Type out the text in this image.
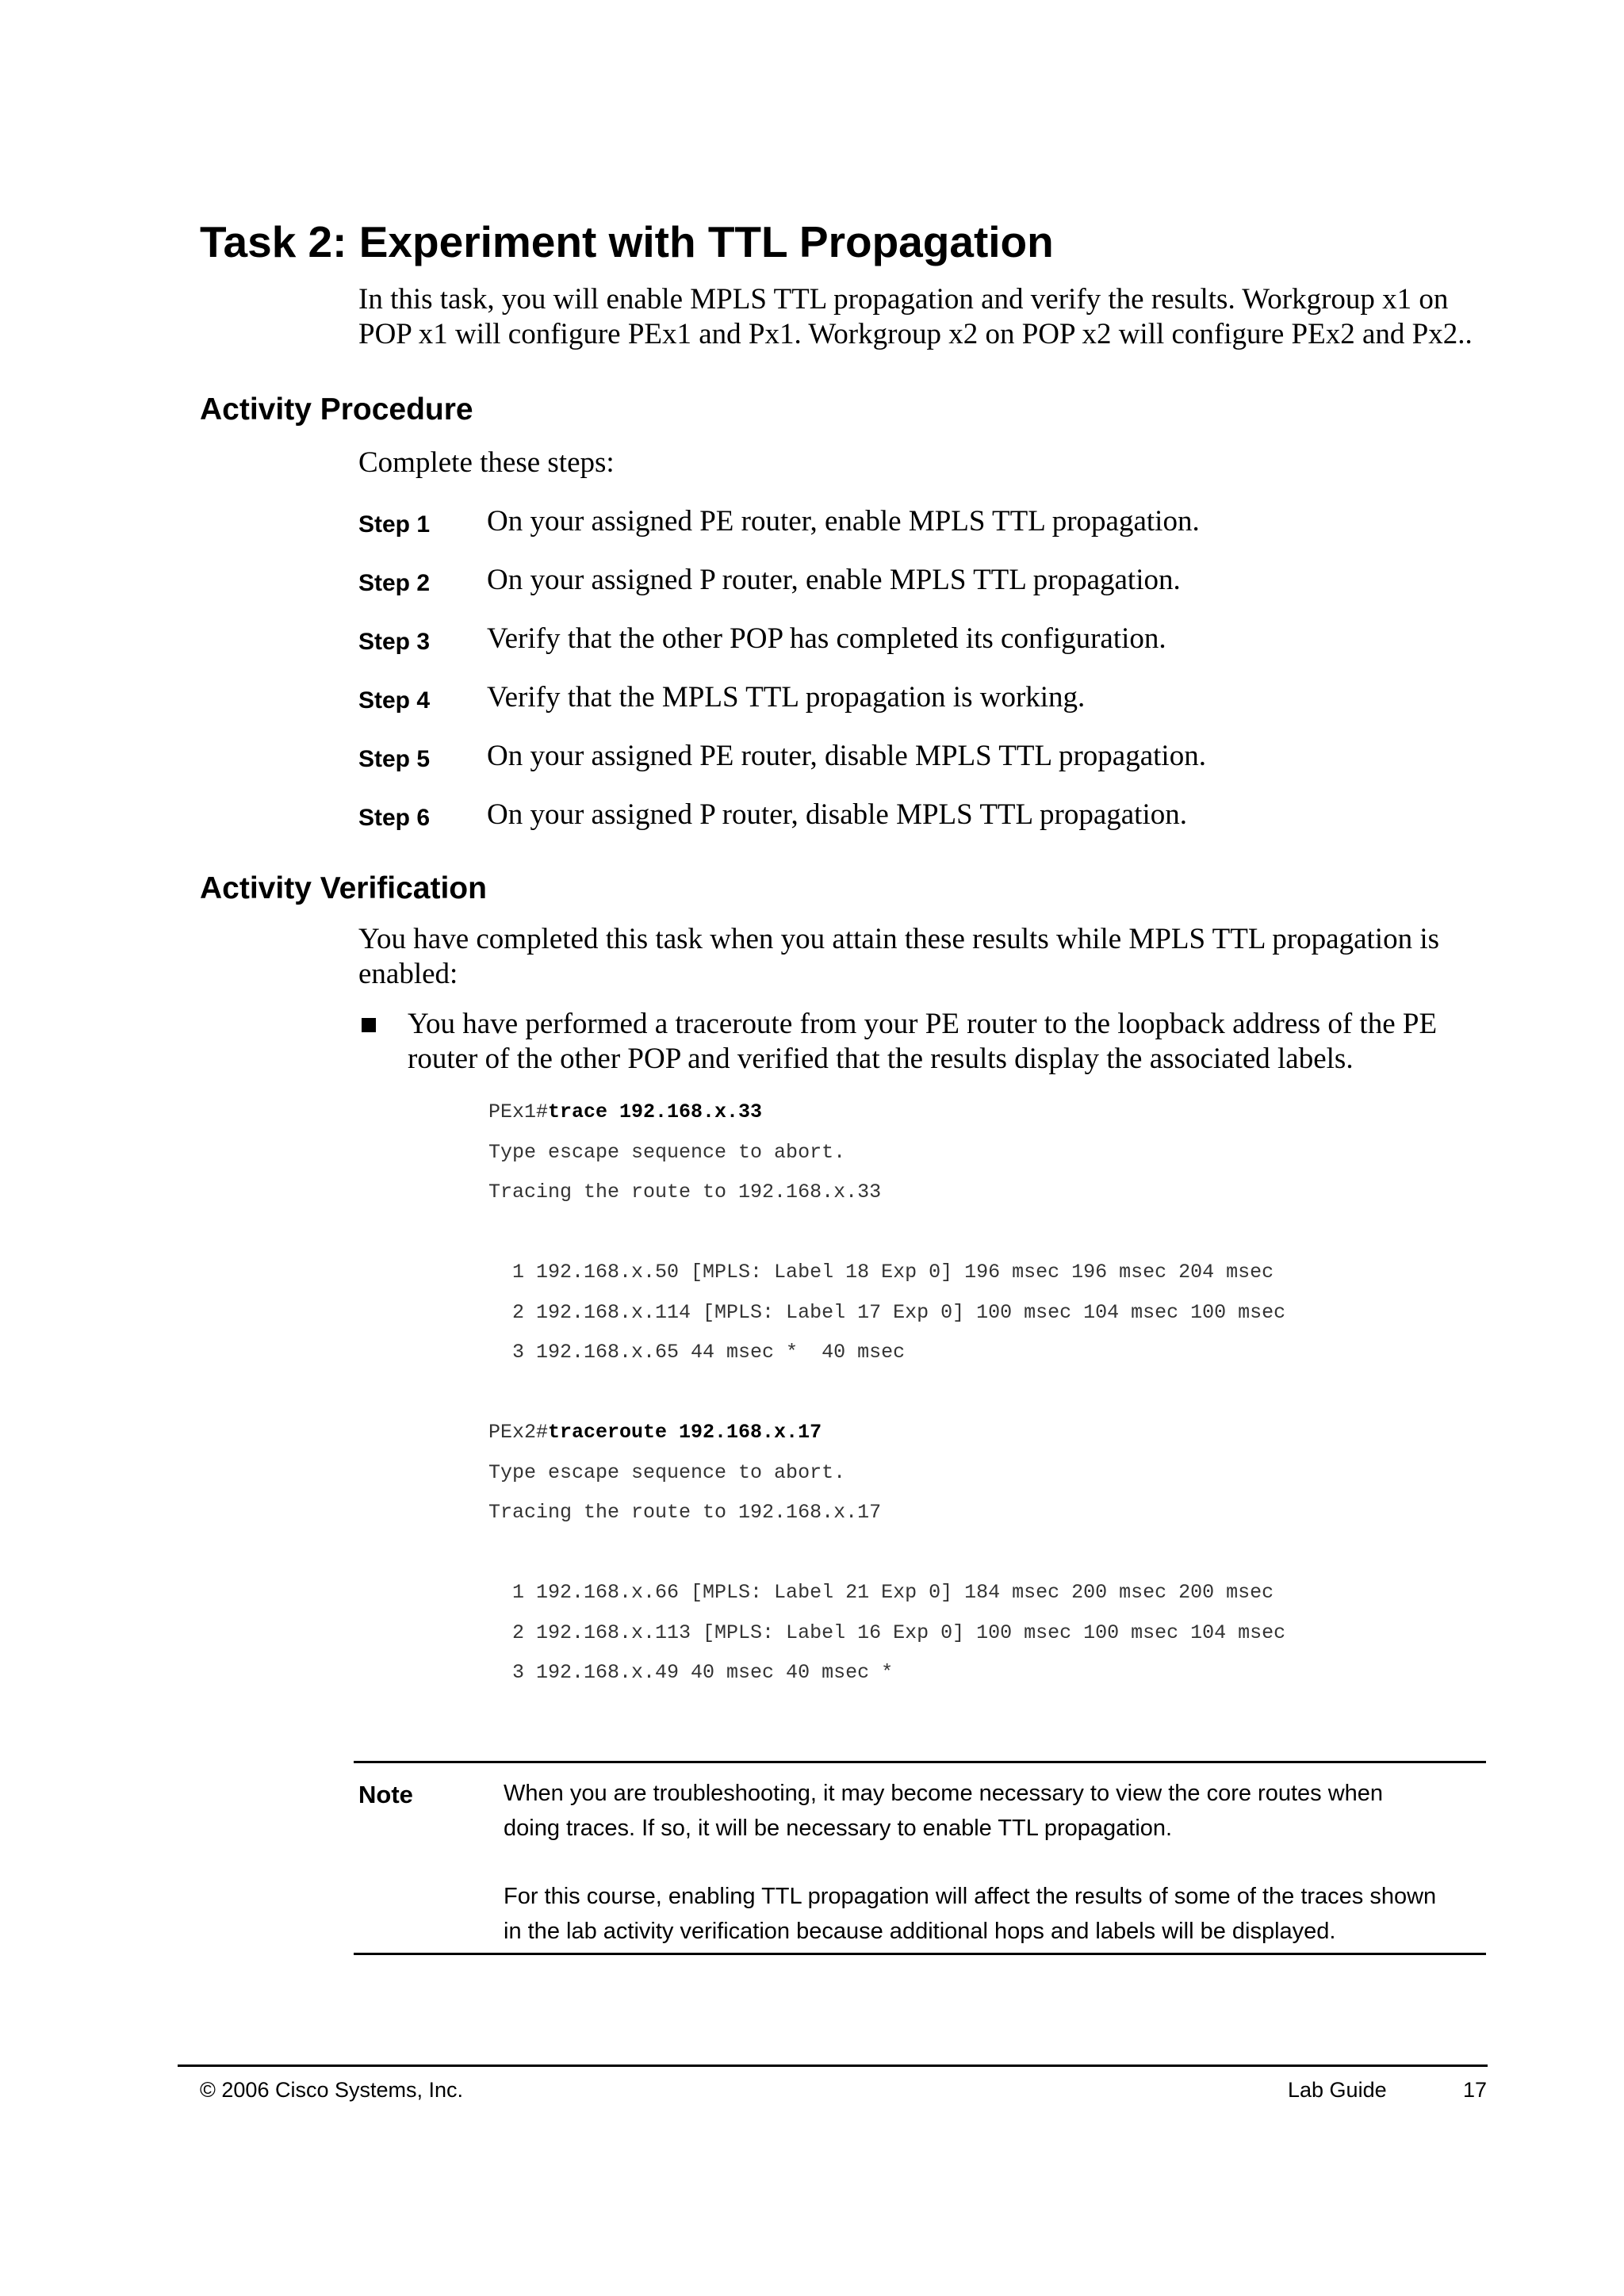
Task 2: Experiment with TTL Propagation

In this task, you will enable MPLS TTL propagation and verify the results. Workgroup x1 on

POP x1 will configure PEx1 and Px1. Workgroup x2 on POP x2 will configure PEx2 and Px2..

Activity Procedure

Complete these steps:

Step 1 On your assigned PE router, enable MPLS TTL propagation.
Step 2 On your assigned P router, enable MPLS TTL propagation.
Step 3 Verify that the other POP has completed its configuration.
Step 4 Verify that the MPLS TTL propagation is working.
Step 5 On your assigned PE router, disable MPLS TTL propagation.
Step 6 On your assigned P router, disable MPLS TTL propagation.
Activity Verification
You have completed this task when you attain these results while MPLS TTL propagation is
enabled:
You have performed a traceroute from your PE router to the loopback address of the PE
router of the other POP and verified that the results display the associated labels.
PEx1#trace 192.168.x.33
Type escape sequence to abort.
Tracing the route to 192.168.x.33

1 192.168.x.50 [MPLS: Label 18 Exp 0] 196 msec 196 msec 204 msec
2 192.168.x.114 [MPLS: Label 17 Exp 0] 100 msec 104 msec 100 msec
3 192.168.x.65 44 msec *  40 msec

PEx2#traceroute 192.168.x.17
Type escape sequence to abort.
Tracing the route to 192.168.x.17

1 192.168.x.66 [MPLS: Label 21 Exp 0] 184 msec 200 msec 200 msec
2 192.168.x.113 [MPLS: Label 16 Exp 0] 100 msec 100 msec 104 msec
3 192.168.x.49 40 msec 40 msec *
Note	When you are troubleshooting, it may become necessary to view the core routes when
doing traces. If so, it will be necessary to enable TTL propagation.

For this course, enabling TTL propagation will affect the results of some of the traces shown
in the lab activity verification because additional hops and labels will be displayed.

© 2006 Cisco Systems, Inc.	Lab Guide	17
